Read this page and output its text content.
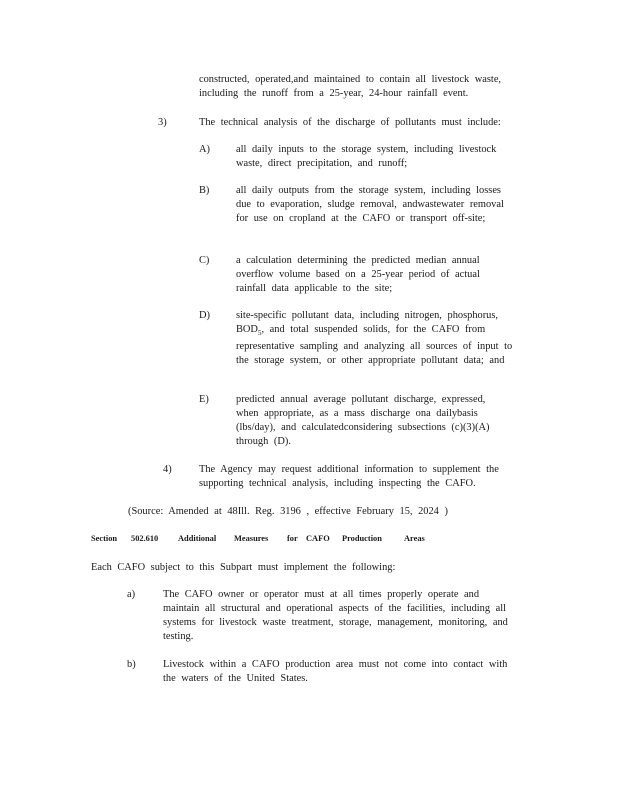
constructed, operated,and maintained to contain all livestock waste, including the runoff from a 25-year, 24-hour rainfall event.
3)	The technical analysis of the discharge of pollutants must include:
A)	all daily inputs to the storage system, including livestock waste, direct precipitation, and runoff;
B)	all daily outputs from the storage system, including losses due to evaporation, sludge removal, andwastewater removal for use on cropland at the CAFO or transport off-site;
C)	a calculation determining the predicted median annual overflow volume based on a 25-year period of actual rainfall data applicable to the site;
D)	site-specific pollutant data, including nitrogen, phosphorus, $BOD_5$, and total suspended solids, for the CAFO from representative sampling and analyzing all sources of input to the storage system, or other appropriate pollutant data; and
E)	predicted annual average pollutant discharge, expressed, when appropriate, as a mass discharge ona dailybasis (lbs/day), and calculatedconsidering subsections (c)(3)(A) through (D).
4)	The Agency may request additional information to supplement the supporting technical analysis, including inspecting the CAFO.
(Source: Amended at 48Ill. Reg. 3196 , effective February 15, 2024 )
Section 502.610 Additional Measures for CAFO Production	Areas
Each CAFO subject to this Subpart must implement the following:
a)	The CAFO owner or operator must at all times properly operate and maintain all structural and operational aspects of the facilities, including all systems for livestock waste treatment, storage, management, monitoring, and testing.
b)	Livestock within a CAFO production area must not come into contact with the waters of the United States.
